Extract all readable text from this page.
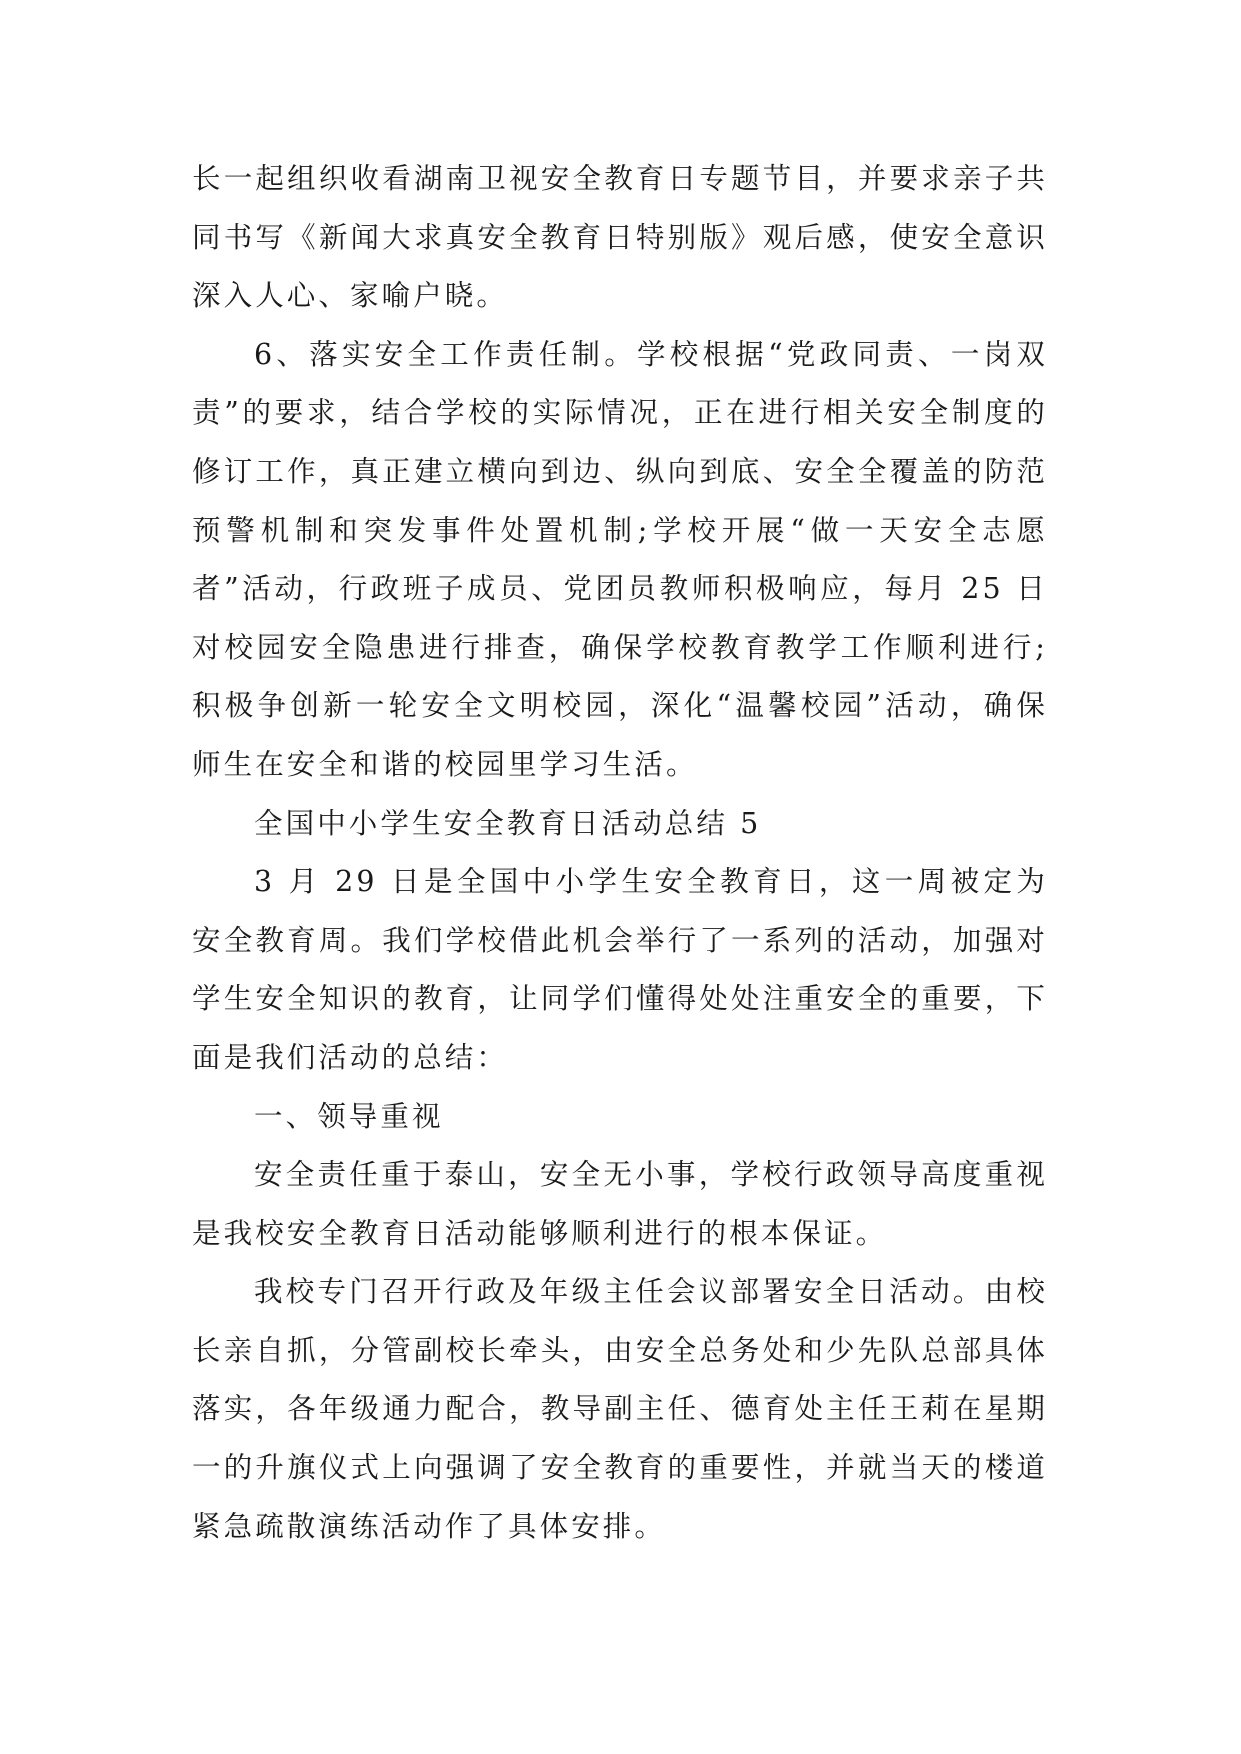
长一起组织收看湖南卫视安全教育日专题节目，并要求亲子共同书写《新闻大求真安全教育日特别版》观后感，使安全意识深入人心、家喻户晓。

6、落实安全工作责任制。学校根据“党政同责、一岗双责”的要求，结合学校的实际情况，正在进行相关安全制度的修订工作，真正建立横向到边、纵向到底、安全全覆盖的防范预警机制和突发事件处置机制;学校开展“做一天安全志愿者”活动，行政班子成员、党团员教师积极响应，每月 25 日对校园安全隐患进行排查，确保学校教育教学工作顺利进行;积极争创新一轮安全文明校园，深化“温馨校园”活动，确保师生在安全和谐的校园里学习生活。

全国中小学生安全教育日活动总结 5

3 月 29 日是全国中小学生安全教育日，这一周被定为安全教育周。我们学校借此机会举行了一系列的活动，加强对学生安全知识的教育，让同学们懂得处处注重安全的重要，下面是我们活动的总结：

一、领导重视

安全责任重于泰山，安全无小事，学校行政领导高度重视是我校安全教育日活动能够顺利进行的根本保证。

我校专门召开行政及年级主任会议部署安全日活动。由校长亲自抓，分管副校长牵头，由安全总务处和少先队总部具体落实，各年级通力配合，教导副主任、德育处主任王莉在星期一的升旗仪式上向强调了安全教育的重要性，并就当天的楼道紧急疏散演练活动作了具体安排。
